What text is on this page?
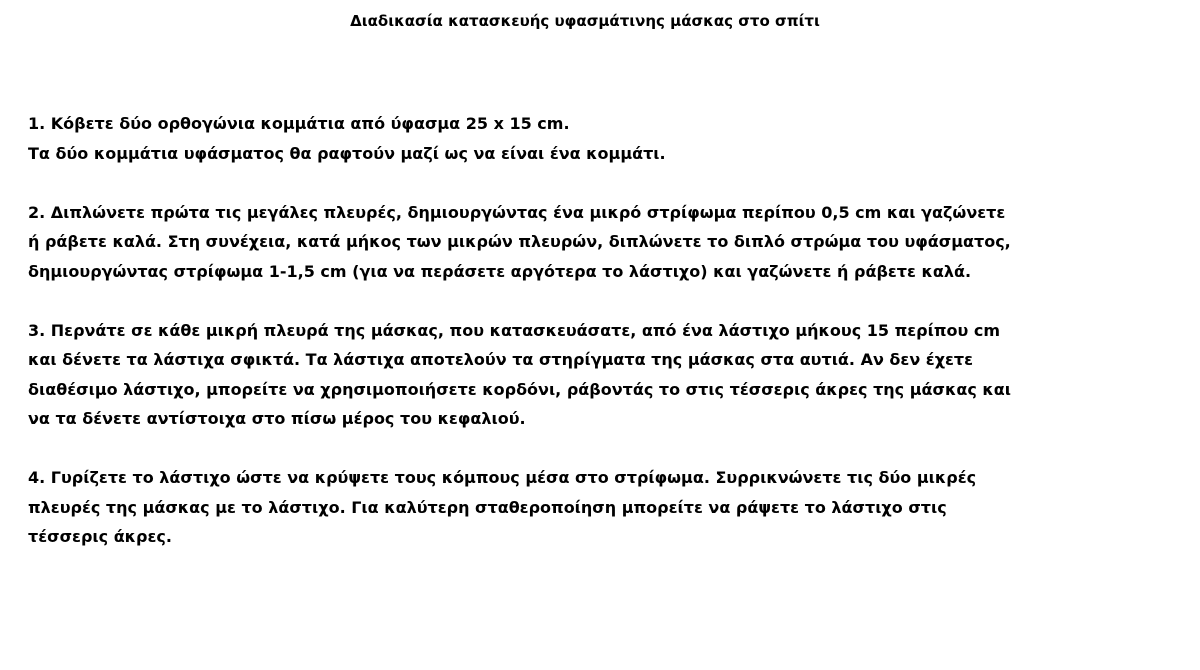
Διαδικασία κατασκευής υφασμάτινης μάσκας στο σπίτι
1. Κόβετε δύο ορθογώνια κομμάτια από ύφασμα 25 x 15 cm.
Τα δύο κομμάτια υφάσματος θα ραφτούν μαζί ως να είναι ένα κομμάτι.
2. Διπλώνετε πρώτα τις μεγάλες πλευρές, δημιουργώντας ένα μικρό στρίφωμα περίπου 0,5 cm και γαζώνετε
ή ράβετε καλά. Στη συνέχεια, κατά μήκος των μικρών πλευρών, διπλώνετε το διπλό στρώμα του υφάσματος,
δημιουργώντας στρίφωμα 1-1,5 cm (για να περάσετε αργότερα το λάστιχο) και γαζώνετε ή ράβετε καλά.
3. Περνάτε σε κάθε μικρή πλευρά της μάσκας, που κατασκευάσατε, από ένα λάστιχο μήκους 15 περίπου cm
και δένετε τα λάστιχα σφικτά. Τα λάστιχα αποτελούν τα στηρίγματα της μάσκας στα αυτιά. Αν δεν έχετε
διαθέσιμο λάστιχο, μπορείτε να χρησιμοποιήσετε κορδόνι, ράβοντάς το στις τέσσερις άκρες της μάσκας και
να τα δένετε αντίστοιχα στο πίσω μέρος του κεφαλιού.
4. Γυρίζετε το λάστιχο ώστε να κρύψετε τους κόμπους μέσα στο στρίφωμα. Συρρικνώνετε τις δύο μικρές
πλευρές της μάσκας με το λάστιχο. Για καλύτερη σταθεροποίηση μπορείτε να ράψετε το λάστιχο στις
τέσσερις άκρες.
